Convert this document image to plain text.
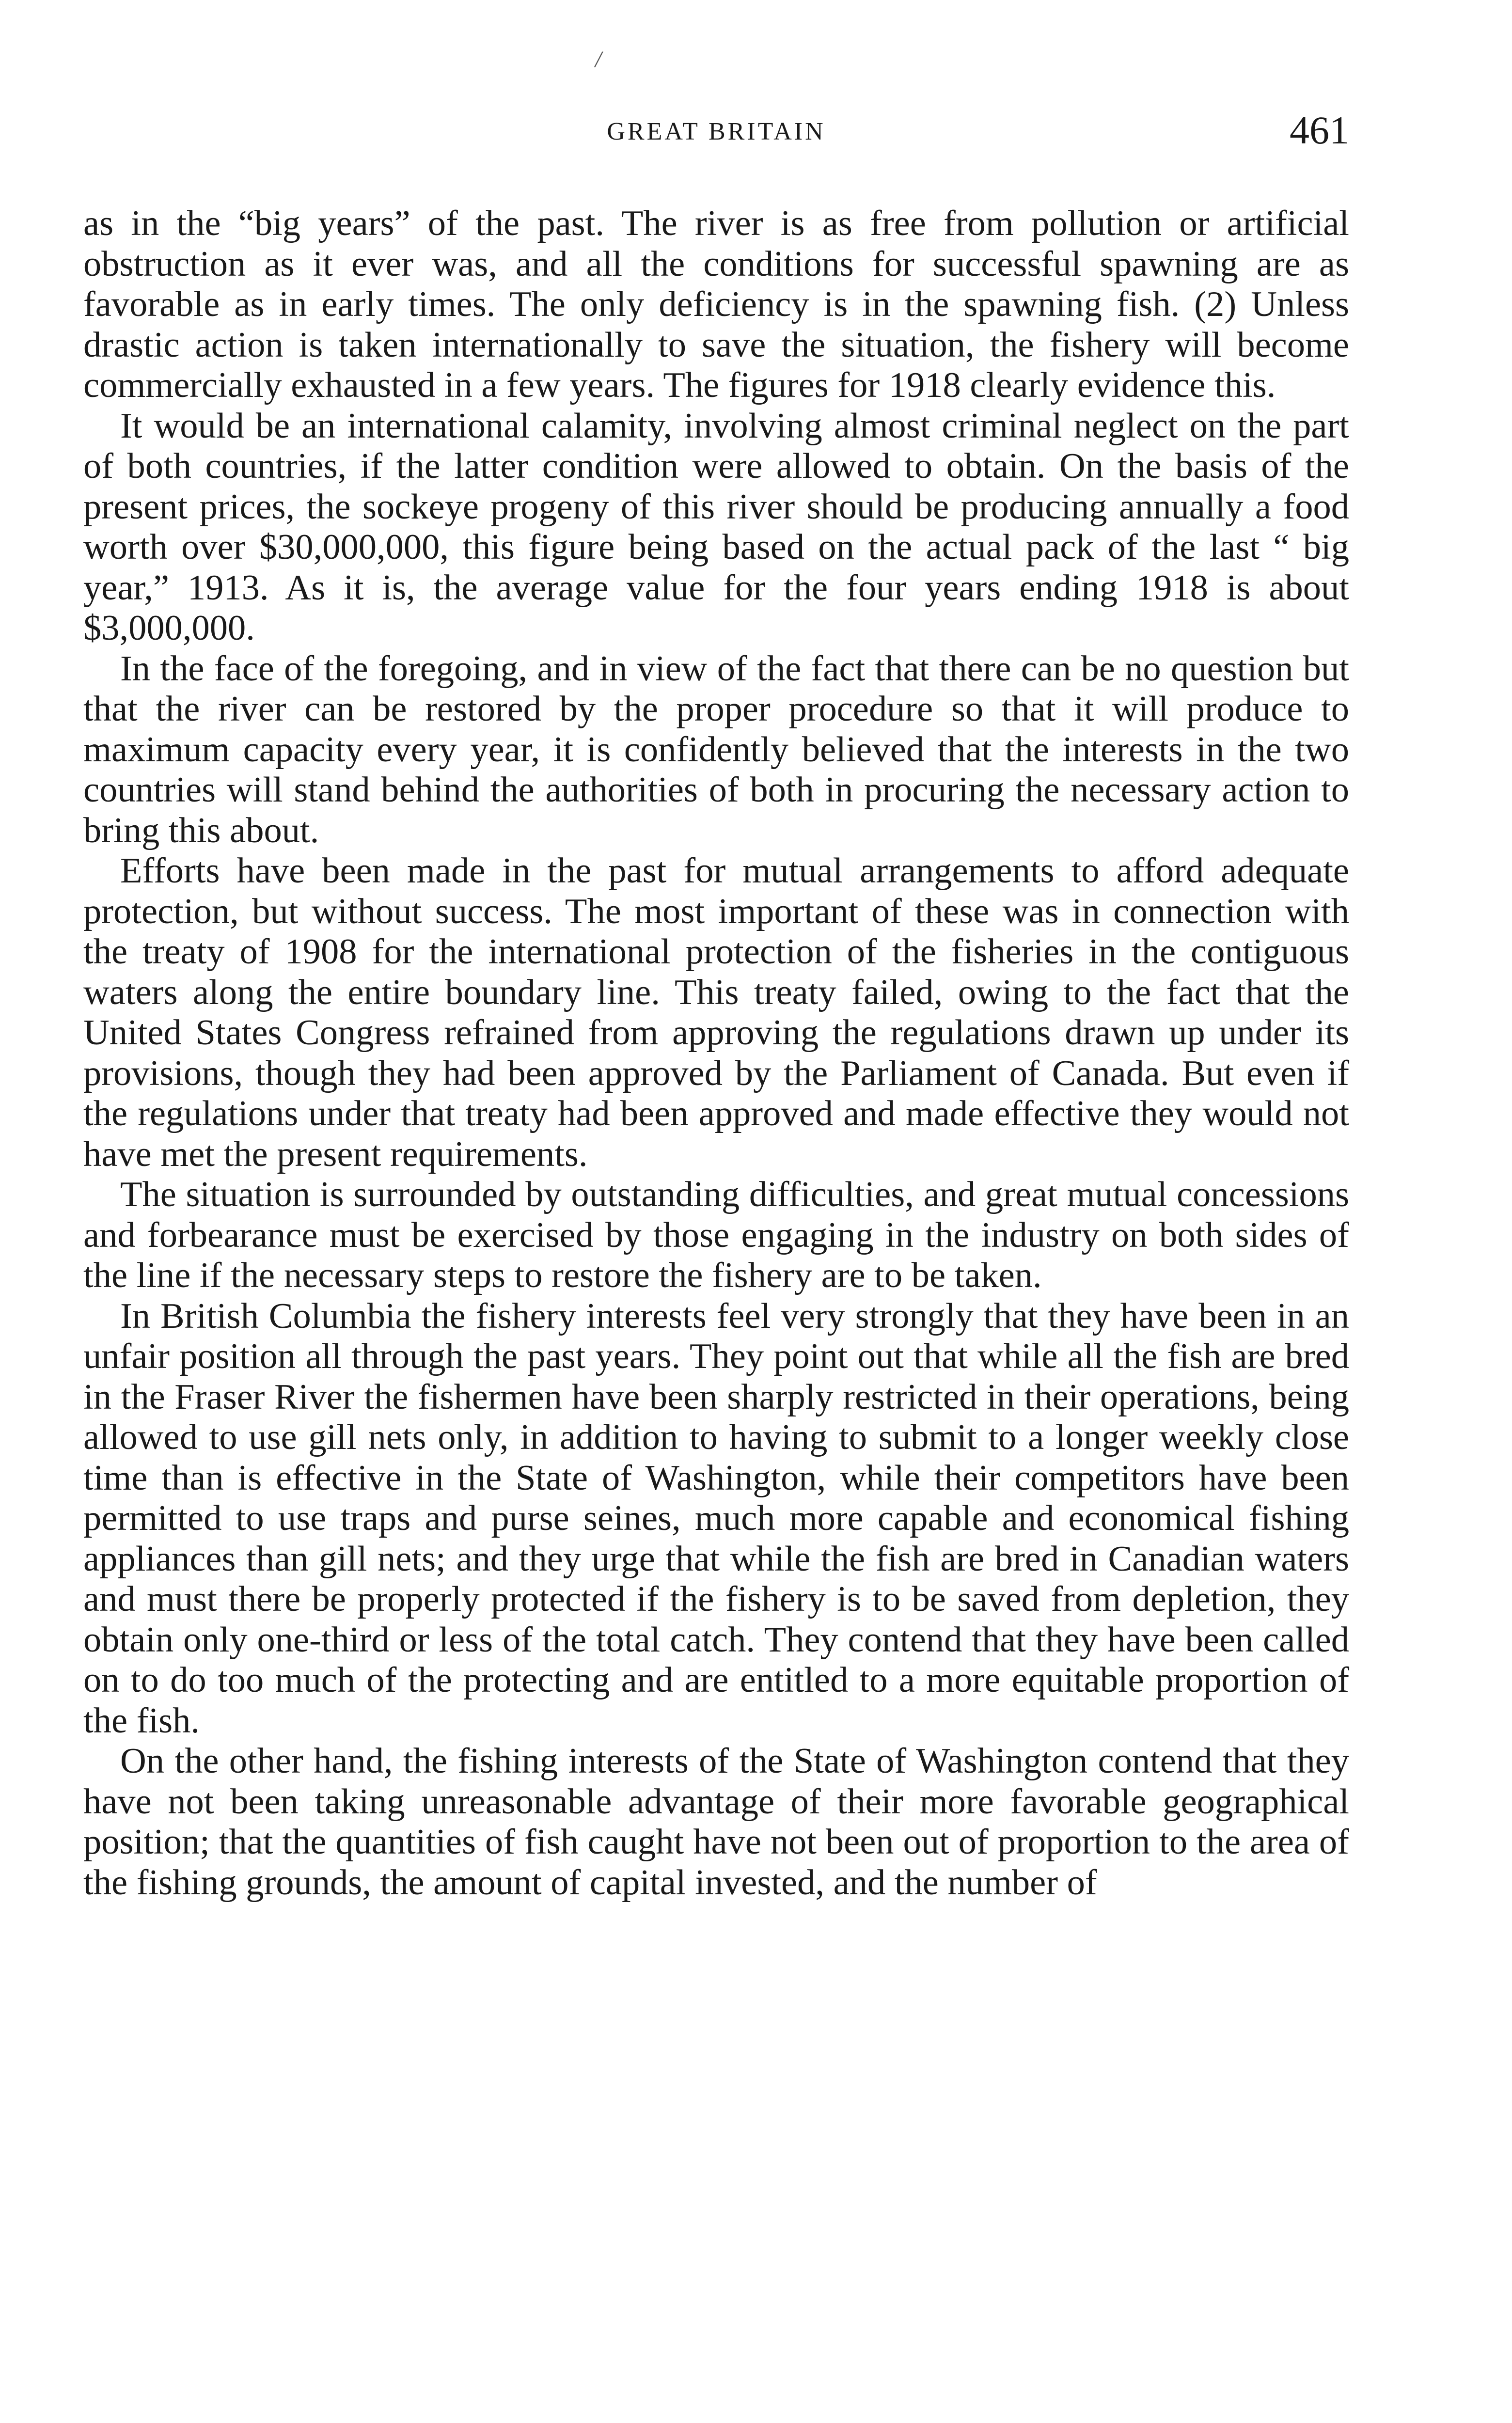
/
GREAT BRITAIN	461

as in the “big years” of the past. The river is as free from pollution or artificial obstruction as it ever was, and all the conditions for successful spawning are as favorable as in early times. The only deficiency is in the spawning fish. (2) Unless drastic action is taken internationally to save the situation, the fishery will become commercially exhausted in a few years. The figures for 1918 clearly evidence this.

It would be an international calamity, involving almost criminal neglect on the part of both countries, if the latter condition were allowed to obtain. On the basis of the present prices, the sockeye progeny of this river should be producing annually a food worth over $30,000,000, this figure being based on the actual pack of the last “ big year,” 1913. As it is, the average value for the four years ending 1918 is about $3,000,000.

In the face of the foregoing, and in view of the fact that there can be no question but that the river can be restored by the proper procedure so that it will produce to maximum capacity every year, it is confidently believed that the interests in the two countries will stand behind the authorities of both in procuring the necessary action to bring this about.

Efforts have been made in the past for mutual arrangements to afford adequate protection, but without success. The most important of these was in connection with the treaty of 1908 for the international protection of the fisheries in the contiguous waters along the entire boundary line. This treaty failed, owing to the fact that the United States Congress refrained from approving the regulations drawn up under its provisions, though they had been approved by the Parliament of Canada. But even if the regulations under that treaty had been approved and made effective they would not have met the present requirements.

The situation is surrounded by outstanding difficulties, and great mutual concessions and forbearance must be exercised by those engaging in the industry on both sides of the line if the necessary steps to restore the fishery are to be taken.

In British Columbia the fishery interests feel very strongly that they have been in an unfair position all through the past years. They point out that while all the fish are bred in the Fraser River the fishermen have been sharply restricted in their operations, being allowed to use gill nets only, in addition to having to submit to a longer weekly close time than is effective in the State of Washington, while their competitors have been permitted to use traps and purse seines, much more capable and economical fishing appliances than gill nets; and they urge that while the fish are bred in Canadian waters and must there be properly protected if the fishery is to be saved from depletion, they obtain only one-third or less of the total catch. They contend that they have been called on to do too much of the protecting and are entitled to a more equitable proportion of the fish.

On the other hand, the fishing interests of the State of Washington contend that they have not been taking unreasonable advantage of their more favorable geographical position; that the quantities of fish caught have not been out of proportion to the area of the fishing grounds, the amount of capital invested, and the number of
